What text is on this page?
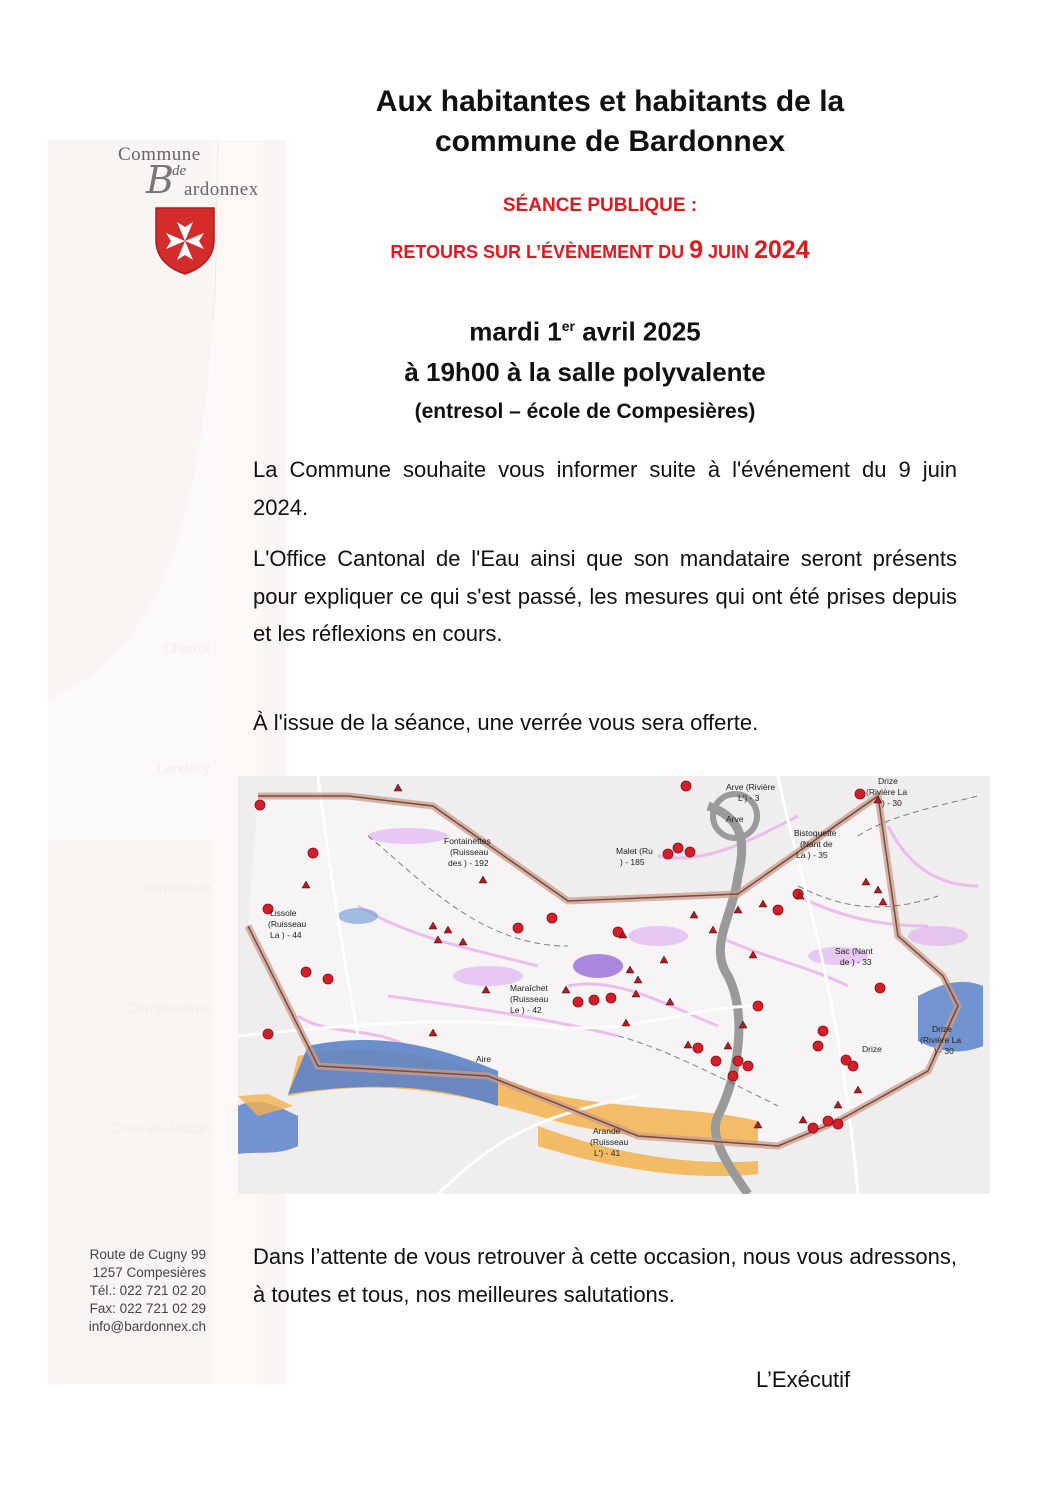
Charrot
Landecy
Bardonnex
Compesières
Croix-de-Rozon
Commune
B
de
ardonnex
Route de Cugny 99
1257 Compesières
Tél.: 022 721 02 20
Fax: 022 721 02 29
info@bardonnex.ch
Aux habitantes et habitants de la
commune de Bardonnex
SÉANCE PUBLIQUE :
RETOURS SUR L’ÉVÈNEMENT DU 9 JUIN 2024
mardi 1er avril 2025
à 19h00 à la salle polyvalente
(entresol – école de Compesières)

La Commune souhaite vous informer suite à l'événement du 9 juin 2024.

L'Office Cantonal de l'Eau ainsi que son mandataire seront présents pour expliquer ce qui s'est passé, les mesures qui ont été prises depuis et les réflexions en cours.

À l'issue de la séance, une verrée vous sera offerte.

Arve (Rivière
L') - 3
Arve
Drize
(Rivière La
) - 30
Fontainettes
(Ruisseau
des ) - 192
Malet (Ru
) - 185
Bistoquette
(Nant de
La ) - 35
Lissole
(Ruisseau
La ) - 44
Sac (Nant
de ) - 33
Maraîchet
(Ruisseau
Le ) - 42
Drize
(Rivière La
) - 30
Drize
Aire
Arande
(Ruisseau
L') - 41

Dans l’attente de vous retrouver à cette occasion, nous vous adressons, à toutes et tous, nos meilleures salutations.

L’Exécutif
